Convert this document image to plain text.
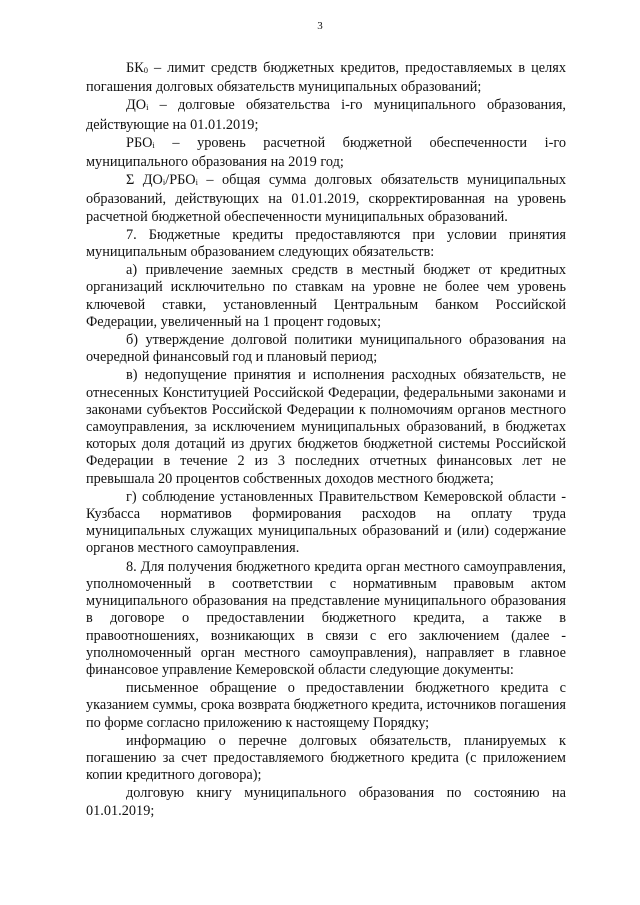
3

БК0 – лимит средств бюджетных кредитов, предоставляемых в целях погашения долговых обязательств муниципальных образований;

ДОi – долговые обязательства i-го муниципального образования, действующие на 01.01.2019;

РБОi – уровень расчетной бюджетной обеспеченности i-го муниципального образования на 2019 год;

Σ ДОi/РБОi – общая сумма долговых обязательств муниципальных образований, действующих на 01.01.2019, скорректированная на уровень расчетной бюджетной обеспеченности муниципальных образований.

7. Бюджетные кредиты предоставляются при условии принятия муниципальным образованием следующих обязательств:

а) привлечение заемных средств в местный бюджет от кредитных организаций исключительно по ставкам на уровне не более чем уровень ключевой ставки, установленный Центральным банком Российской Федерации, увеличенный на 1 процент годовых;

б) утверждение долговой политики муниципального образования на очередной финансовый год и плановый период;

в) недопущение принятия и исполнения расходных обязательств, не отнесенных Конституцией Российской Федерации, федеральными законами и законами субъектов Российской Федерации к полномочиям органов местного самоуправления, за исключением муниципальных образований, в бюджетах которых доля дотаций из других бюджетов бюджетной системы Российской Федерации в течение 2 из 3 последних отчетных финансовых лет не превышала 20 процентов собственных доходов местного бюджета;

г) соблюдение установленных Правительством Кемеровской области - Кузбасса нормативов формирования расходов на оплату труда муниципальных служащих муниципальных образований и (или) содержание органов местного самоуправления.

8. Для получения бюджетного кредита орган местного самоуправления, уполномоченный в соответствии с нормативным правовым актом муниципального образования на представление муниципального образования в договоре о предоставлении бюджетного кредита, а также в правоотношениях, возникающих в связи с его заключением (далее - уполномоченный орган местного самоуправления), направляет в главное финансовое управление Кемеровской области следующие документы:

письменное обращение о предоставлении бюджетного кредита с указанием суммы, срока возврата бюджетного кредита, источников погашения по форме согласно приложению к настоящему Порядку;

информацию о перечне долговых обязательств, планируемых к погашению за счет предоставляемого бюджетного кредита (с приложением копии кредитного договора);

долговую книгу муниципального образования по состоянию на 01.01.2019;
